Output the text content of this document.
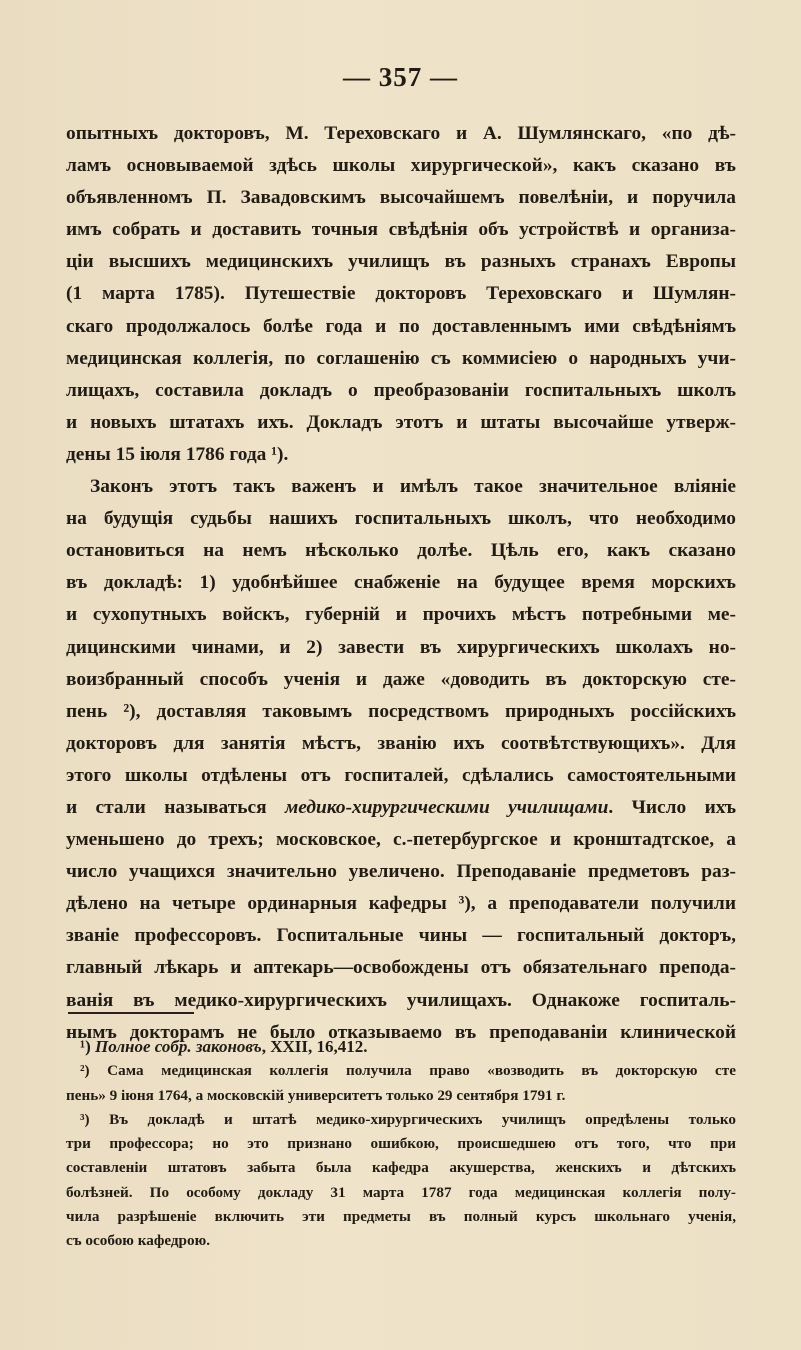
— 357 —
опытныхъ докторовъ, М. Тереховскаго и А. Шумлянскаго, «по дѣ-
ламъ основываемой здѣсь школы хирургической», какъ сказано въ
объявленномъ П. Завадовскимъ высочайшемъ повелѣніи, и поручила
имъ собрать и доставить точныя свѣдѣнія объ устройствѣ и организа-
ціи высшихъ медицинскихъ училищъ въ разныхъ странахъ Европы
(1 марта 1785). Путешествіе докторовъ Тереховскаго и Шумлян-
скаго продолжалось болѣе года и по доставленнымъ ими свѣдѣніямъ
медицинская коллегія, по соглашенію съ коммисіею о народныхъ учи-
лищахъ, составила докладъ о преобразованіи госпитальныхъ школъ
и новыхъ штатахъ ихъ. Докладъ этотъ и штаты высочайше утверж-
дены 15 іюля 1786 года ¹).
Законъ этотъ такъ важенъ и имѣлъ такое значительное вліяніе
на будущія судьбы нашихъ госпитальныхъ школъ, что необходимо
остановиться на немъ нѣсколько долѣе. Цѣль его, какъ сказано
въ докладѣ: 1) удобнѣйшее снабженіе на будущее время морскихъ
и сухопутныхъ войскъ, губерній и прочихъ мѣстъ потребными ме-
дицинскими чинами, и 2) завести въ хирургическихъ школахъ но-
воизбранный способъ ученія и даже «доводить въ докторскую сте-
пень ²), доставляя таковымъ посредствомъ природныхъ россійскихъ
докторовъ для занятія мѣстъ, званію ихъ соотвѣтствующихъ». Для
этого школы отдѣлены отъ госпиталей, сдѣлались самостоятельными
и стали называться медико-хирургическими училищами. Число ихъ
уменьшено до трехъ; московское, с.-петербургское и кронштадтское, а
число учащихся значительно увеличено. Преподаваніе предметовъ раз-
дѣлено на четыре ординарныя кафедры ³), а преподаватели получили
званіе профессоровъ. Госпитальные чины — госпитальный докторъ,
главный лѣкарь и аптекарь—освобождены отъ обязательнаго препода-
ванія въ медико-хирургическихъ училищахъ. Однакоже госпиталь-
нымъ докторамъ не было отказываемо въ преподаваніи клинической
¹) Полное собр. законовъ, XXII, 16,412.
²) Сама медицинская коллегія получила право «возводить въ докторскую сте
пень» 9 іюня 1764, а московскій университетъ только 29 сентября 1791 г.
³) Въ докладѣ и штатѣ медико-хирургическихъ училищъ опредѣлены только
три профессора; но это признано ошибкою, происшедшею отъ того, что при
составленіи штатовъ забыта была кафедра акушерства, женскихъ и дѣтскихъ
болѣзней. По особому докладу 31 марта 1787 года медицинская коллегія полу-
чила разрѣшеніе включить эти предметы въ полный курсъ школьнаго ученія,
съ особою кафедрою.
